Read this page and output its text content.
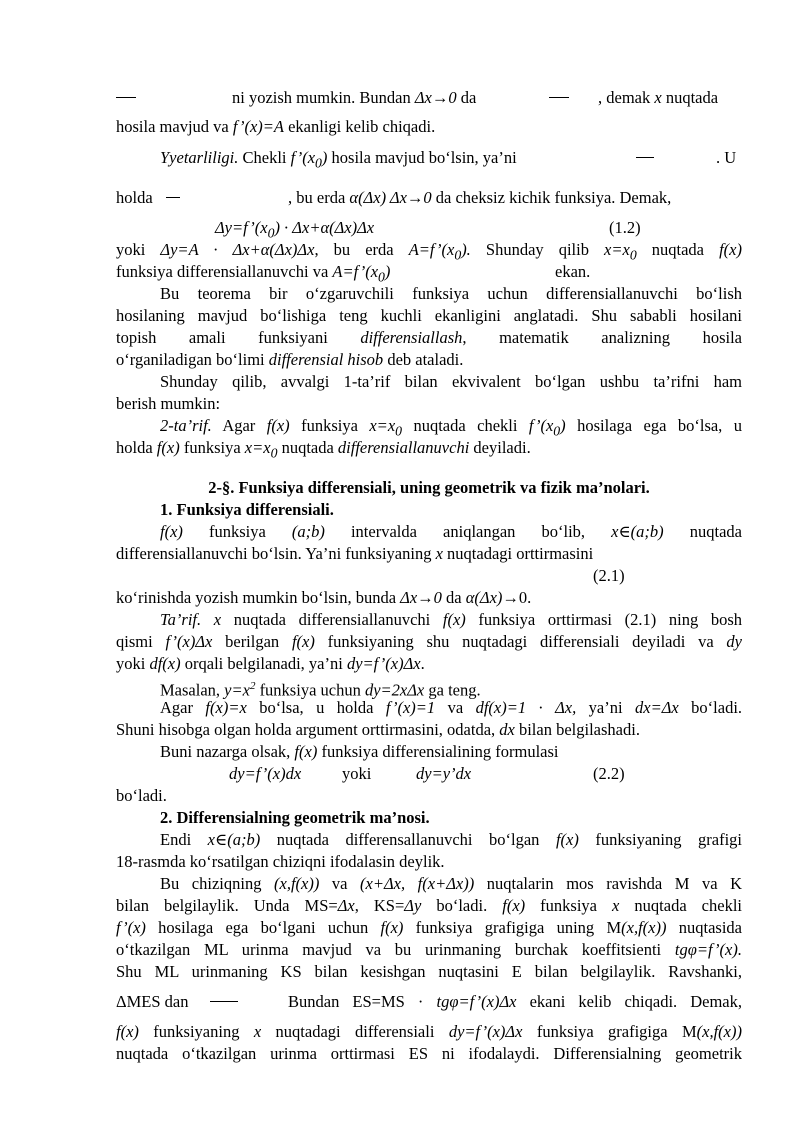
ni yozish mumkin. Bundan Δx→0 da	, demak x nuqtada
hosila mavjud va f’(x)=A ekanligi kelib chiqadi.
Yyetarliligi. Chekli $f’(x_0)$ hosila mavjud bo‘lsin, ya’ni	. U
holda	, bu erda α(Δx) Δx→0 da cheksiz kichik funksiya. Demak,
$\Delta y=f’(x_0) \cdot \Delta x+\alpha(\Delta x)\Delta x$	(1.2)
yoki Δy=A · Δx+α(Δx)Δx, bu erda $A=f’(x_0)$. Shunday qilib $x=x_0$ nuqtada f(x)
funksiya differensiallanuvchi va $A=f’(x_0)$	ekan.
Bu teorema bir o‘zgaruvchili funksiya uchun differensiallanuvchi bo‘lish
hosilaning mavjud bo‘lishiga teng kuchli ekanligini anglatadi. Shu sababli hosilani
topish amali funksiyani differensiallash, matematik analizning hosila
o‘rganiladigan bo‘limi differensial hisob deb ataladi.
Shunday qilib, avvalgi 1-ta’rif bilan ekvivalent bo‘lgan ushbu ta’rifni ham
berish mumkin:
2-ta’rif. Agar f(x) funksiya $x=x_0$ nuqtada chekli $f’(x_0)$ hosilaga ega bo‘lsa, u
holda f(x) funksiya $x=x_0$ nuqtada differensiallanuvchi deyiladi.
2-§. Funksiya differensiali, uning geometrik va fizik ma’nolari.
1. Funksiya differensiali.
f(x) funksiya (a;b) intervalda aniqlangan bo‘lib, x∈(a;b) nuqtada
differensiallanuvchi bo‘lsin. Ya’ni funksiyaning x nuqtadagi orttirmasini
(2.1)
ko‘rinishda yozish mumkin bo‘lsin, bunda Δx→0 da α(Δx)→0.
Ta’rif. x nuqtada differensiallanuvchi f(x) funksiya orttirmasi (2.1) ning bosh
qismi f’(x)Δx berilgan f(x) funksiyaning shu nuqtadagi differensiali deyiladi va dy
yoki df(x) orqali belgilanadi, ya’ni dy=f’(x)Δx.
Masalan, $y=x^2$ funksiya uchun dy=2xΔx ga teng.
Agar f(x)=x bo‘lsa, u holda f’(x)=1 va df(x)=1 · Δx, ya’ni dx=Δx bo‘ladi.
Shuni hisobga olgan holda argument orttirmasini, odatda, dx bilan belgilashadi.
Buni nazarga olsak, f(x) funksiya differensialining formulasi
dy=f’(x)dx yoki	dy=y’dx	(2.2)
bo‘ladi.
2. Differensialning geometrik ma’nosi.
Endi x∈(a;b) nuqtada differensallanuvchi bo‘lgan f(x) funksiyaning grafigi
18-rasmda ko‘rsatilgan chiziqni ifodalasin deylik.
Bu chiziqning (x,f(x)) va (x+Δx, f(x+Δx)) nuqtalarin mos ravishda M va K
bilan belgilaylik. Unda MS=Δx, KS=Δy bo‘ladi. f(x) funksiya x nuqtada chekli
f’(x) hosilaga ega bo‘lgani uchun f(x) funksiya grafigiga uning M(x,f(x)) nuqtasida
o‘tkazilgan ML urinma mavjud va bu urinmaning burchak koeffitsienti tgφ=f’(x).
Shu ML urinmaning KS bilan kesishgan nuqtasini E bilan belgilaylik. Ravshanki,
ΔMES dan	Bundan ES=MS · tgφ=f’(x)Δx ekani kelib chiqadi. Demak,
f(x) funksiyaning x nuqtadagi differensiali dy=f’(x)Δx funksiya grafigiga M(x,f(x))
nuqtada o‘tkazilgan urinma orttirmasi ES ni ifodalaydi. Differensialning geometrik
